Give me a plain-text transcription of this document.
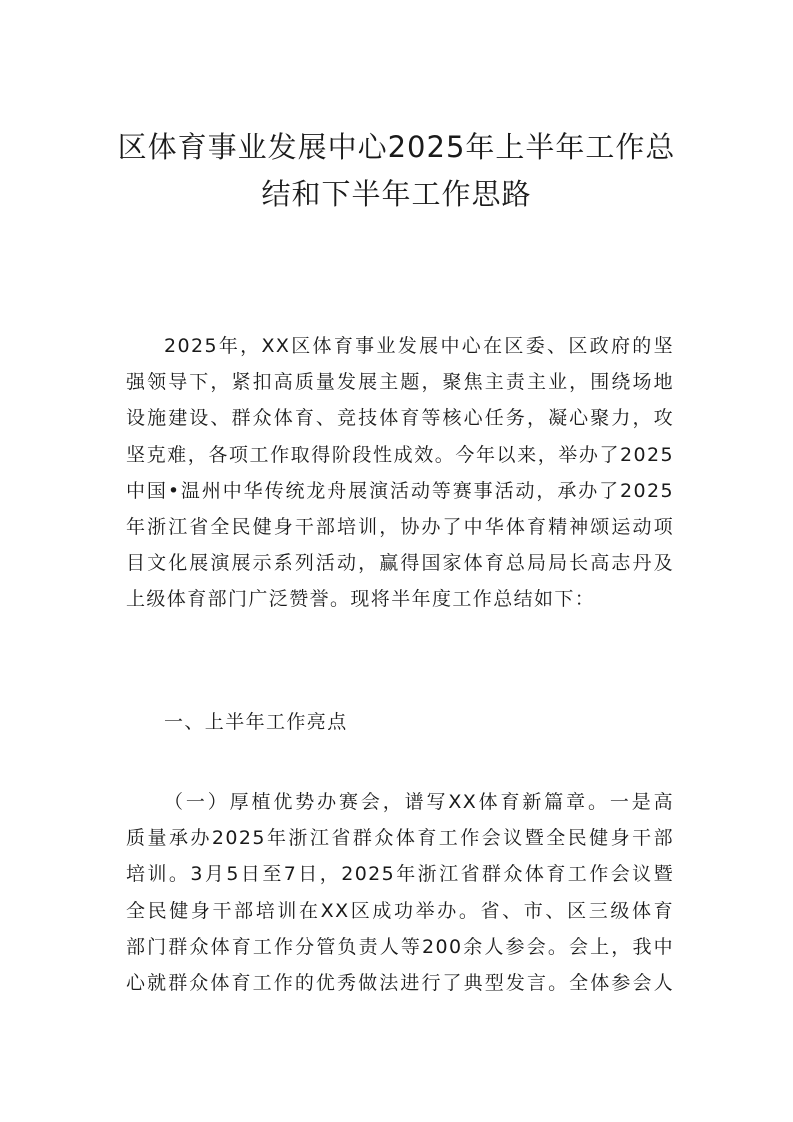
区体育事业发展中心2025年上半年工作总
结和下半年工作思路
2025年，XX区体育事业发展中心在区委、区政府的坚
强领导下，紧扣高质量发展主题，聚焦主责主业，围绕场地
设施建设、群众体育、竞技体育等核心任务，凝心聚力，攻
坚克难，各项工作取得阶段性成效。今年以来，举办了2025
中国•温州中华传统龙舟展演活动等赛事活动，承办了2025
年浙江省全民健身干部培训，协办了中华体育精神颂运动项
目文化展演展示系列活动，赢得国家体育总局局长高志丹及
上级体育部门广泛赞誉。现将半年度工作总结如下：
一、上半年工作亮点
（一）厚植优势办赛会，谱写XX体育新篇章。一是高
质量承办2025年浙江省群众体育工作会议暨全民健身干部
培训。3月5日至7日，2025年浙江省群众体育工作会议暨
全民健身干部培训在XX区成功举办。省、市、区三级体育
部门群众体育工作分管负责人等200余人参会。会上，我中
心就群众体育工作的优秀做法进行了典型发言。全体参会人
